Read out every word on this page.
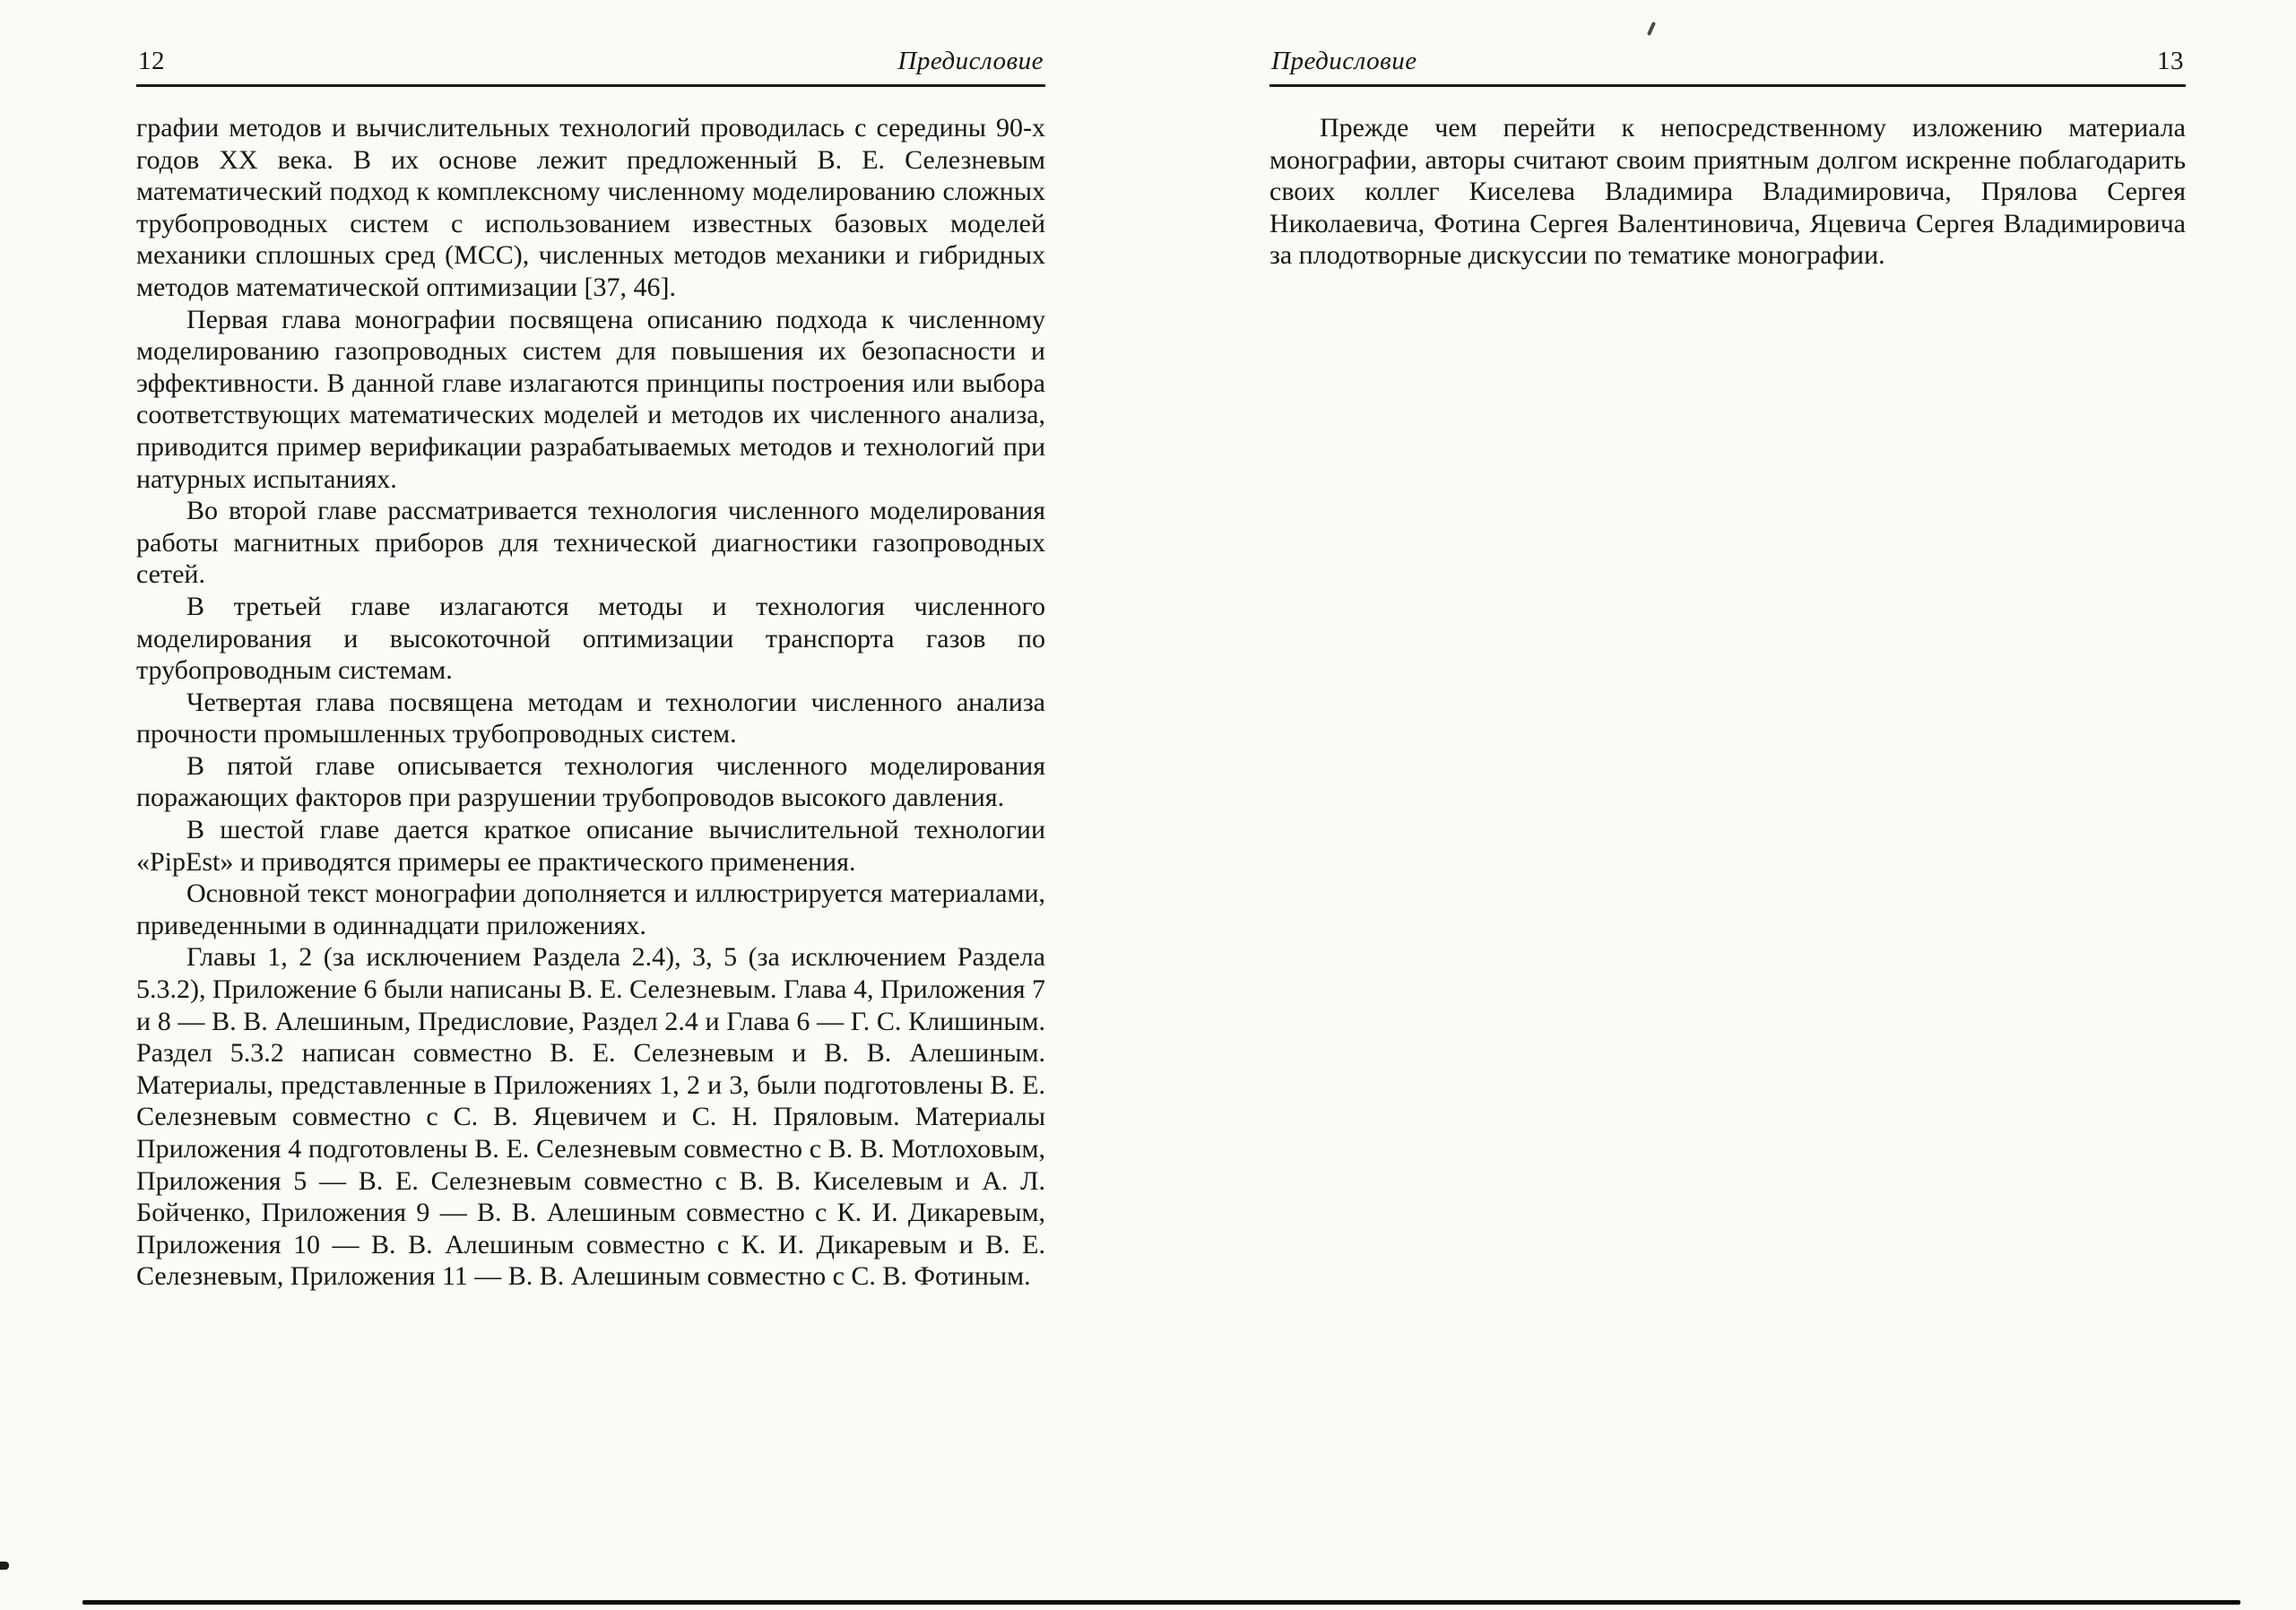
12	Предисловие

графии методов и вычислительных технологий проводилась с середины 90-х годов XX века. В их основе лежит предложенный В. Е. Селезневым математический подход к комплексному численному моделированию сложных трубопроводных систем с использованием известных базовых моделей механики сплошных сред (МСС), численных методов механики и гибридных методов математической оптимизации [37, 46].

Первая глава монографии посвящена описанию подхода к численному моделированию газопроводных систем для повышения их безопасности и эффективности. В данной главе излагаются принципы построения или выбора соответствующих математических моделей и методов их численного анализа, приводится пример верификации разрабатываемых методов и технологий при натурных испытаниях.

Во второй главе рассматривается технология численного моделирования работы магнитных приборов для технической диагностики газопроводных сетей.

В третьей главе излагаются методы и технология численного моделирования и высокоточной оптимизации транспорта газов по трубопроводным системам.

Четвертая глава посвящена методам и технологии численного анализа прочности промышленных трубопроводных систем.

В пятой главе описывается технология численного моделирования поражающих факторов при разрушении трубопроводов высокого давления.

В шестой главе дается краткое описание вычислительной технологии «PipEst» и приводятся примеры ее практического применения.

Основной текст монографии дополняется и иллюстрируется материалами, приведенными в одиннадцати приложениях.

Главы 1, 2 (за исключением Раздела 2.4), 3, 5 (за исключением Раздела 5.3.2), Приложение 6 были написаны В. Е. Селезневым. Глава 4, Приложения 7 и 8 — В. В. Алешиным, Предисловие, Раздел 2.4 и Глава 6 — Г. С. Клишиным. Раздел 5.3.2 написан совместно В. Е. Селезневым и В. В. Алешиным. Материалы, представленные в Приложениях 1, 2 и 3, были подготовлены В. Е. Селезневым совместно с С. В. Яцевичем и С. Н. Пряловым. Материалы Приложения 4 подготовлены В. Е. Селезневым совместно с В. В. Мотлоховым, Приложения 5 — В. Е. Селезневым совместно с В. В. Киселевым и А. Л. Бойченко, Приложения 9 — В. В. Алешиным совместно с К. И. Дикаревым, Приложения 10 — В. В. Алешиным совместно с К. И. Дикаревым и В. Е. Селезневым, Приложения 11 — В. В. Алешиным совместно с С. В. Фотиным.

Предисловие	13

Прежде чем перейти к непосредственному изложению материала монографии, авторы считают своим приятным долгом искренне поблагодарить своих коллег Киселева Владимира Владимировича, Прялова Сергея Николаевича, Фотина Сергея Валентиновича, Яцевича Сергея Владимировича за плодотворные дискуссии по тематике монографии.
